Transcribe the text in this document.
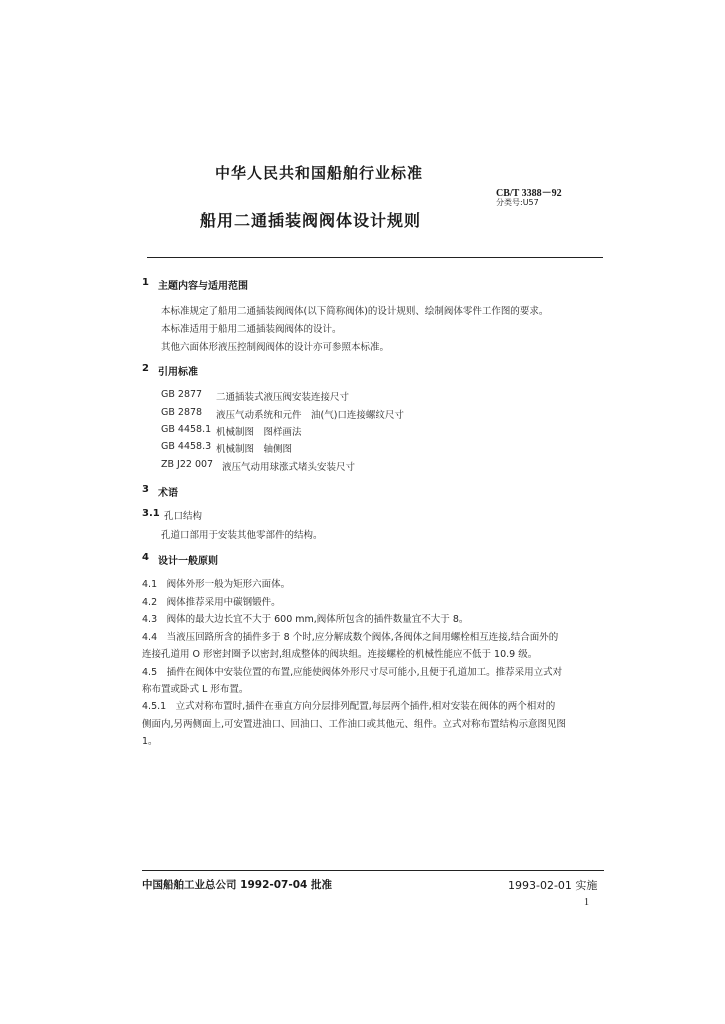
中华人民共和国船舶行业标准
CB/T 3388－92
分类号:U57
船用二通插装阀阀体设计规则
1 主题内容与适用范围
本标准规定了船用二通插装阀阀体(以下简称阀体)的设计规则、绘制阀体零件工作图的要求。
本标准适用于船用二通插装阀阀体的设计。
其他六面体形液压控制阀阀体的设计亦可参照本标准。
2 引用标准
GB 2877 二通插装式液压阀安装连接尺寸
GB 2878 液压气动系统和元件　油(气)口连接螺纹尺寸
GB 4458.1 机械制图　图样画法
GB 4458.3 机械制图　轴侧图
ZB J22 007 液压气动用球涨式堵头安装尺寸
3 术语
3.1 孔口结构
孔道口部用于安装其他零部件的结构。
4 设计一般原则
4.1　阀体外形一般为矩形六面体。
4.2　阀体推荐采用中碳钢锻件。
4.3　阀体的最大边长宜不大于 600 mm,阀体所包含的插件数量宜不大于 8。
4.4　当液压回路所含的插件多于 8 个时,应分解成数个阀体,各阀体之间用螺栓相互连接,结合面外的
连接孔道用 O 形密封圈予以密封,组成整体的阀块组。连接螺栓的机械性能应不低于 10.9 级。
4.5　插件在阀体中安装位置的布置,应能使阀体外形尺寸尽可能小,且便于孔道加工。推荐采用立式对
称布置或卧式 L 形布置。
4.5.1　立式对称布置时,插件在垂直方向分层排列配置,每层两个插件,相对安装在阀体的两个相对的
侧面内,另两侧面上,可安置进油口、回油口、工作油口或其他元、组件。立式对称布置结构示意图见图
1。
中国船舶工业总公司 1992-07-04 批准	1993-02-01 实施
1
